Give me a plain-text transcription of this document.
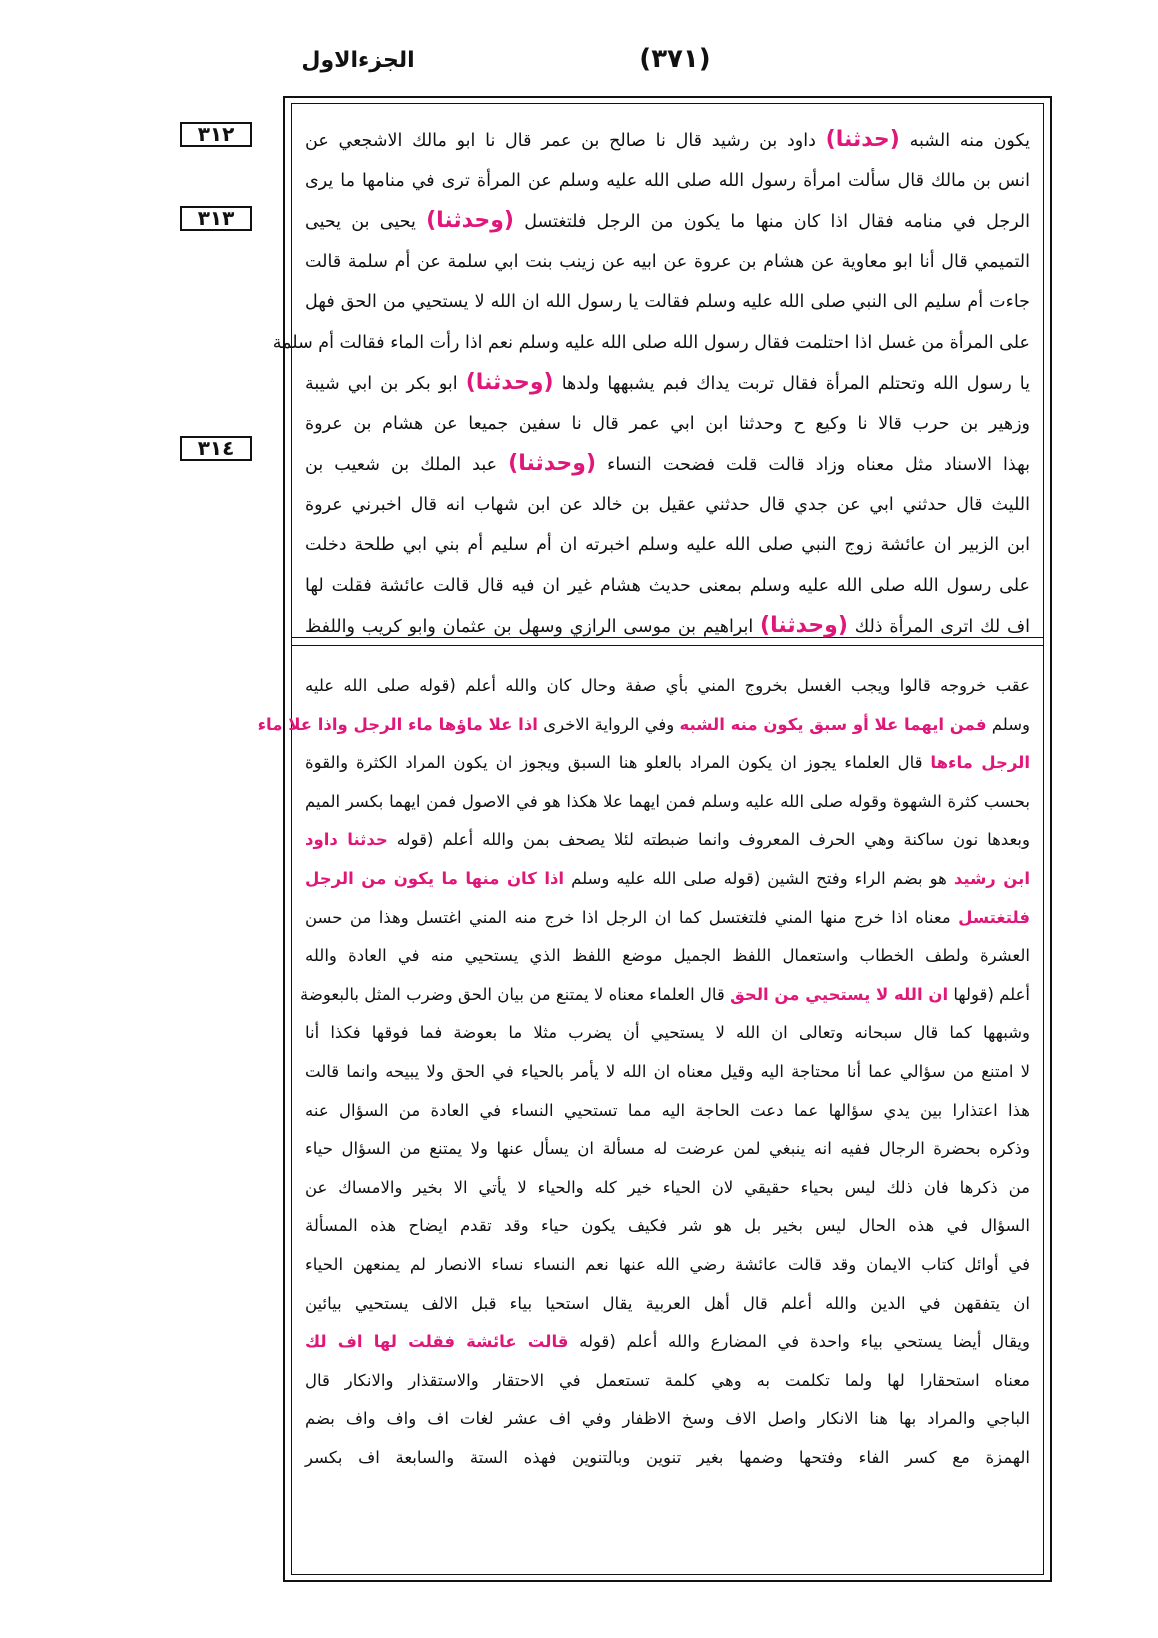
الجزءالاول	(٣٧١)
٣١٢
٣١٣
٣١٤
يكون منه الشبه (حدثنا) داود بن رشيد قال نا صالح بن عمر قال نا ابو مالك الاشجعي عن
انس بن مالك قال سألت امرأة رسول الله صلى الله عليه وسلم عن المرأة ترى في منامها ما يرى
الرجل في منامه فقال اذا كان منها ما يكون من الرجل فلتغتسل (وحدثنا) يحيى بن يحيى
التميمي قال أنا ابو معاوية عن هشام بن عروة عن ابيه عن زينب بنت ابي سلمة عن أم سلمة قالت
جاءت أم سليم الى النبي صلى الله عليه وسلم فقالت يا رسول الله ان الله لا يستحيي من الحق فهل
على المرأة من غسل اذا احتلمت فقال رسول الله صلى الله عليه وسلم نعم اذا رأت الماء فقالت أم سلمة
يا رسول الله وتحتلم المرأة فقال تربت يداك فبم يشبهها ولدها (وحدثنا) ابو بكر بن ابي شيبة
وزهير بن حرب قالا نا وكيع ح وحدثنا ابن ابي عمر قال نا سفين جميعا عن هشام بن عروة
بهذا الاسناد مثل معناه وزاد قالت قلت فضحت النساء (وحدثنا) عبد الملك بن شعيب بن
الليث قال حدثني ابي عن جدي قال حدثني عقيل بن خالد عن ابن شهاب انه قال اخبرني عروة
ابن الزبير ان عائشة زوج النبي صلى الله عليه وسلم اخبرته ان أم سليم أم بني ابي طلحة دخلت
على رسول الله صلى الله عليه وسلم بمعنى حديث هشام غير ان فيه قال قالت عائشة فقلت لها
اف لك اترى المرأة ذلك (وحدثنا) ابراهيم بن موسى الرازي وسهل بن عثمان وابو كريب واللفظ
عقب خروجه قالوا ويجب الغسل بخروج المني بأي صفة وحال كان والله أعلم (قوله صلى الله عليه
وسلم فمن ايهما علا أو سبق يكون منه الشبه وفي الرواية الاخرى اذا علا ماؤها ماء الرجل واذا علا ماء
الرجل ماءها قال العلماء يجوز ان يكون المراد بالعلو هنا السبق ويجوز ان يكون المراد الكثرة والقوة
بحسب كثرة الشهوة وقوله صلى الله عليه وسلم فمن ايهما علا هكذا هو في الاصول فمن ايهما بكسر الميم
وبعدها نون ساكنة وهي الحرف المعروف وانما ضبطته لئلا يصحف بمن والله أعلم (قوله حدثنا داود
ابن رشيد هو بضم الراء وفتح الشين (قوله صلى الله عليه وسلم اذا كان منها ما يكون من الرجل
فلتغتسل معناه اذا خرج منها المني فلتغتسل كما ان الرجل اذا خرج منه المني اغتسل وهذا من حسن
العشرة ولطف الخطاب واستعمال اللفظ الجميل موضع اللفظ الذي يستحيي منه في العادة والله
أعلم (قولها ان الله لا يستحيي من الحق قال العلماء معناه لا يمتنع من بيان الحق وضرب المثل بالبعوضة
وشبهها كما قال سبحانه وتعالى ان الله لا يستحيي أن يضرب مثلا ما بعوضة فما فوقها فكذا أنا
لا امتنع من سؤالي عما أنا محتاجة اليه وقيل معناه ان الله لا يأمر بالحياء في الحق ولا يبيحه وانما قالت
هذا اعتذارا بين يدي سؤالها عما دعت الحاجة اليه مما تستحيي النساء في العادة من السؤال عنه
وذكره بحضرة الرجال ففيه انه ينبغي لمن عرضت له مسألة ان يسأل عنها ولا يمتنع من السؤال حياء
من ذكرها فان ذلك ليس بحياء حقيقي لان الحياء خير كله والحياء لا يأتي الا بخير والامساك عن
السؤال في هذه الحال ليس بخير بل هو شر فكيف يكون حياء وقد تقدم ايضاح هذه المسألة
في أوائل كتاب الايمان وقد قالت عائشة رضي الله عنها نعم النساء نساء الانصار لم يمنعهن الحياء
ان يتفقهن في الدين والله أعلم قال أهل العربية يقال استحيا بياء قبل الالف يستحيي بيائين
ويقال أيضا يستحي بياء واحدة في المضارع والله أعلم (قوله قالت عائشة فقلت لها اف لك
معناه استحقارا لها ولما تكلمت به وهي كلمة تستعمل في الاحتقار والاستقذار والانكار قال
الباجي والمراد بها هنا الانكار واصل الاف وسخ الاظفار وفي اف عشر لغات اف واف واف بضم
الهمزة مع كسر الفاء وفتحها وضمها بغير تنوين وبالتنوين فهذه الستة والسابعة اف بكسر
